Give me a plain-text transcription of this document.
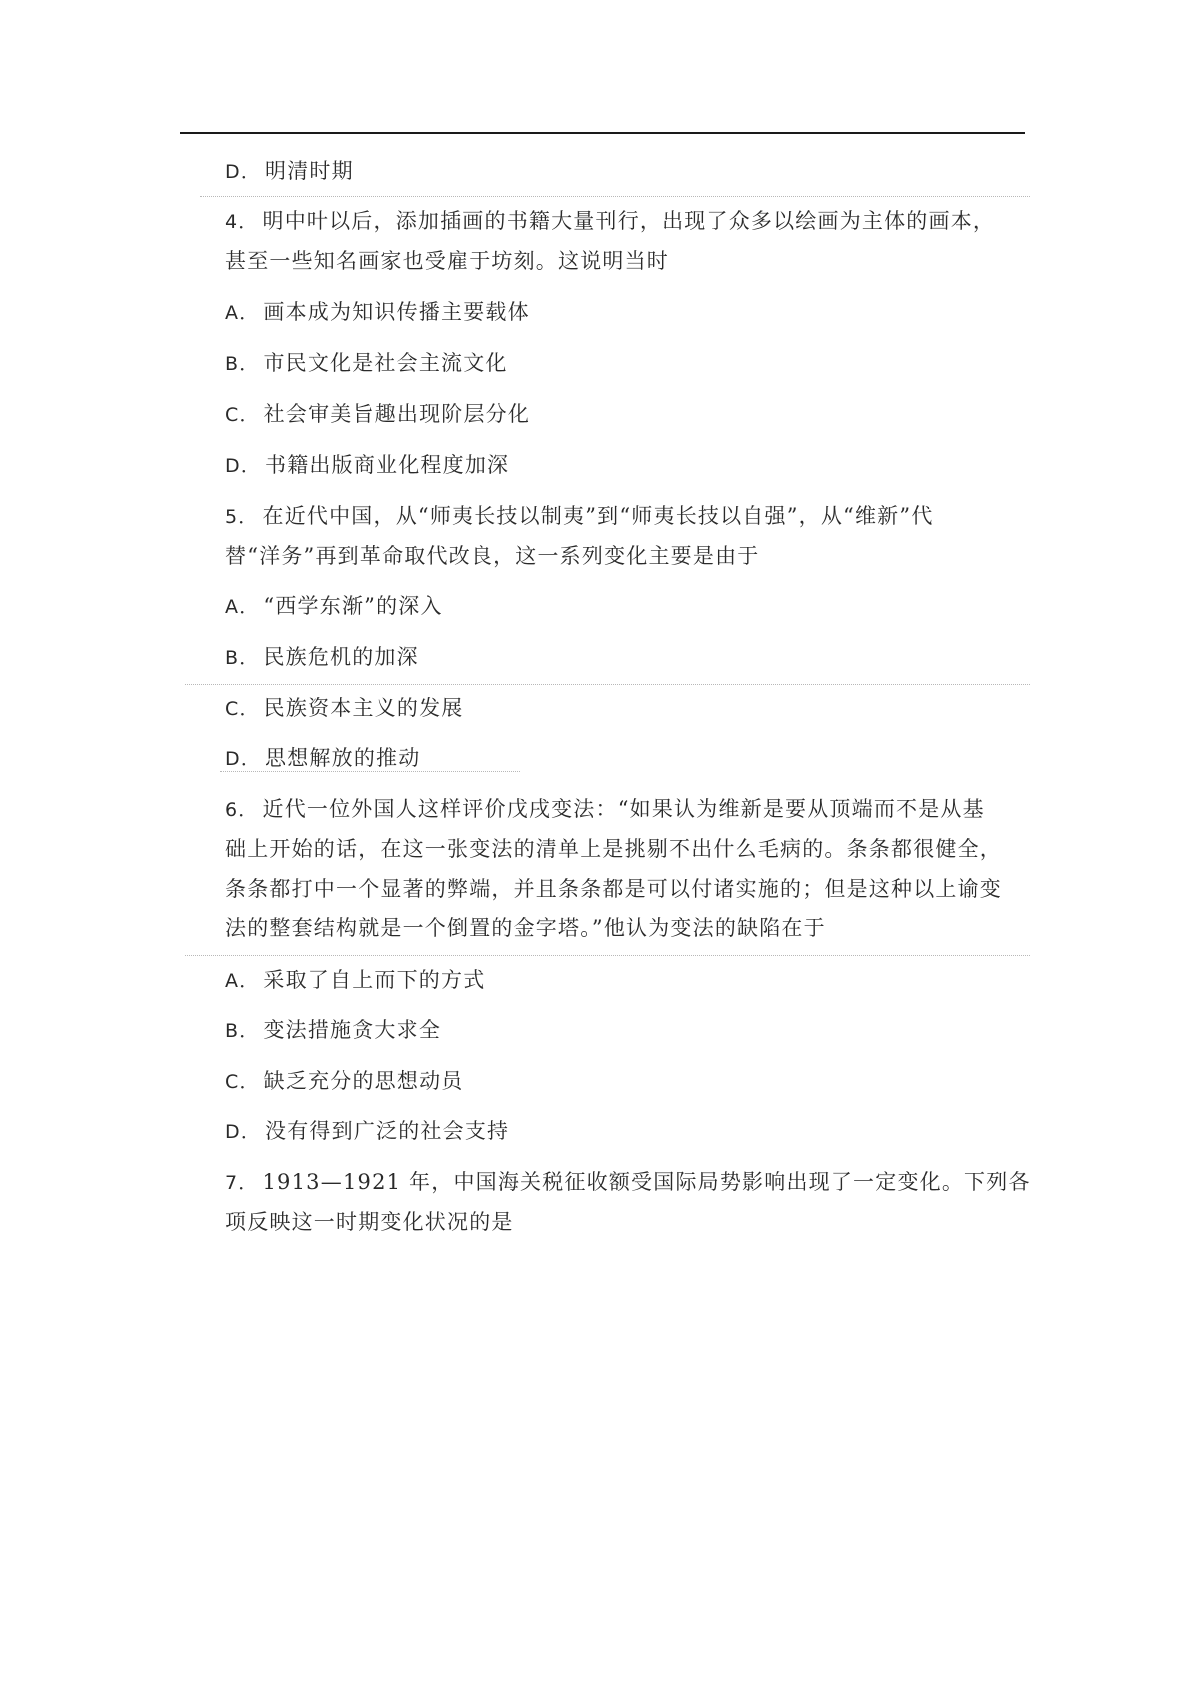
D． 明清时期
4． 明中叶以后，添加插画的书籍大量刊行，出现了众多以绘画为主体的画本，
甚至一些知名画家也受雇于坊刻。这说明当时
A． 画本成为知识传播主要载体
B． 市民文化是社会主流文化
C． 社会审美旨趣出现阶层分化
D． 书籍出版商业化程度加深
5． 在近代中国，从“师夷长技以制夷”到“师夷长技以自强”，从“维新”代
替“洋务”再到革命取代改良，这一系列变化主要是由于
A． “西学东渐”的深入
B． 民族危机的加深
C． 民族资本主义的发展
D． 思想解放的推动
6． 近代一位外国人这样评价戊戌变法：“如果认为维新是要从顶端而不是从基
础上开始的话，在这一张变法的清单上是挑剔不出什么毛病的。条条都很健全，
条条都打中一个显著的弊端，并且条条都是可以付诸实施的；但是这种以上谕变
法的整套结构就是一个倒置的金字塔。”他认为变法的缺陷在于
A． 采取了自上而下的方式
B． 变法措施贪大求全
C． 缺乏充分的思想动员
D． 没有得到广泛的社会支持
7． 1913—1921 年，中国海关税征收额受国际局势影响出现了一定变化。下列各
项反映这一时期变化状况的是
